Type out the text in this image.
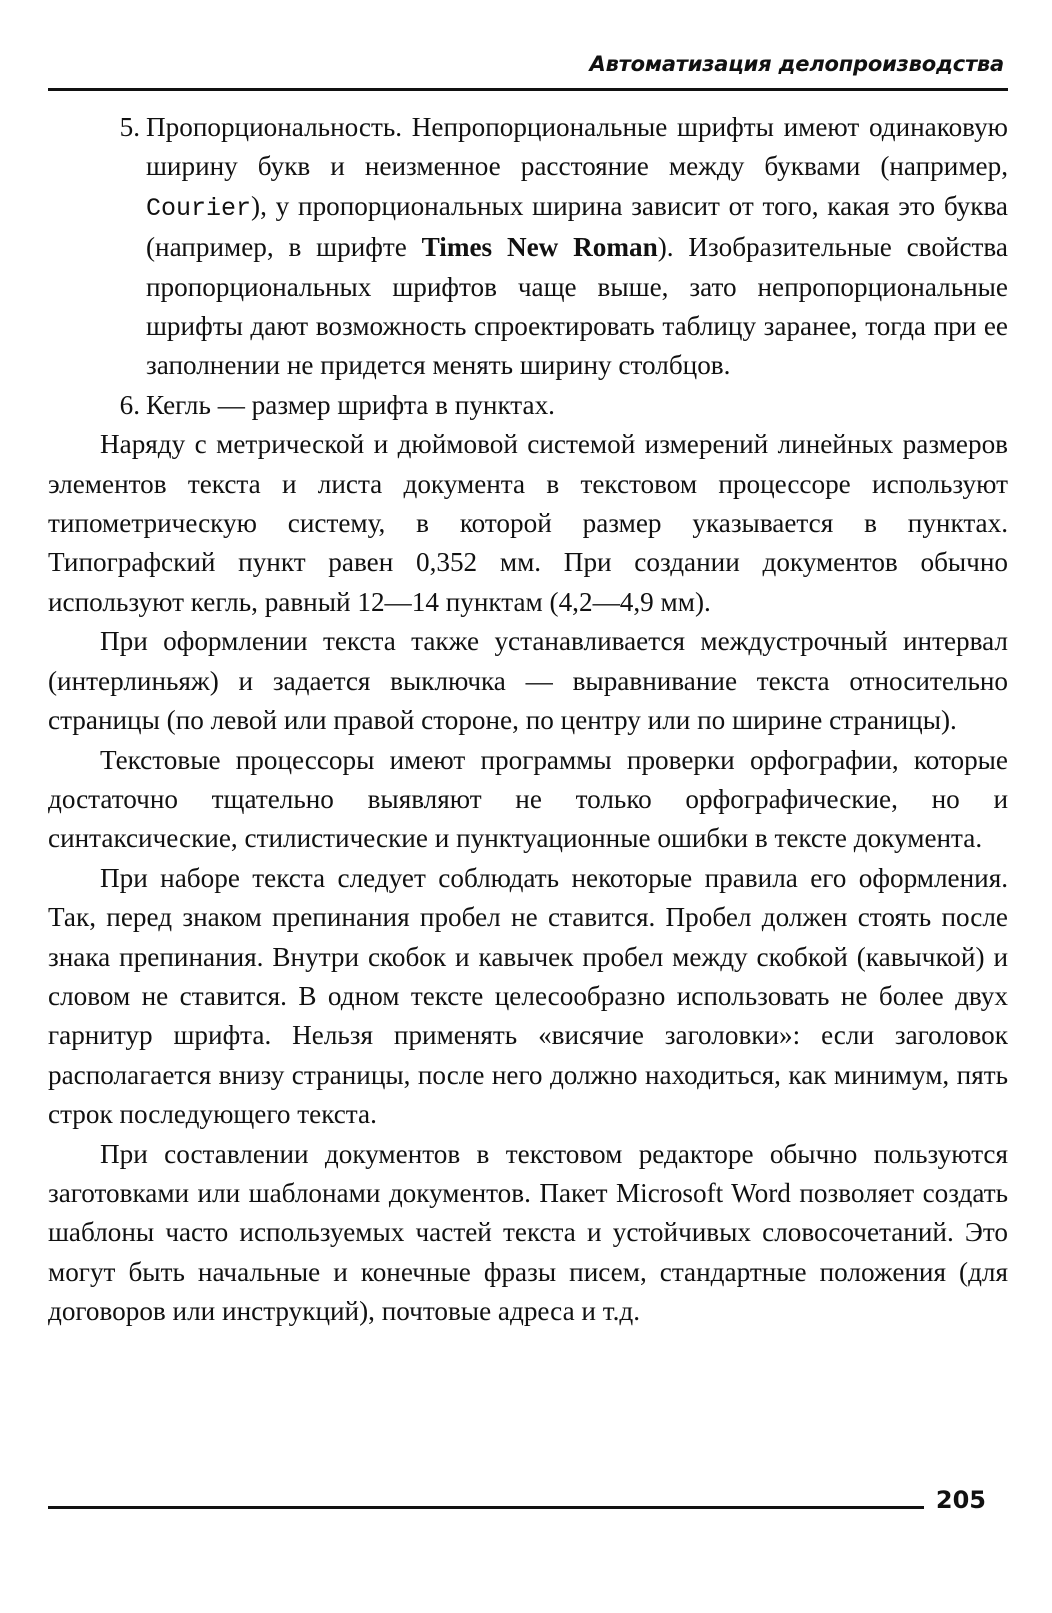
Автоматизация делопроизводства
5. Пропорциональность. Непропорциональные шрифты имеют одинаковую ширину букв и неизменное расстояние между буквами (например, Courier), у пропорциональных ширина зависит от того, какая это буква (например, в шрифте Times New Roman). Изобразительные свойства пропорциональных шрифтов чаще выше, зато непропорциональные шрифты дают возможность спроектировать таблицу заранее, тогда при ее заполнении не придется менять ширину столбцов.
6. Кегль — размер шрифта в пунктах.

Наряду с метрической и дюймовой системой измерений линейных размеров элементов текста и листа документа в текстовом процессоре используют типометрическую систему, в которой размер указывается в пунктах. Типографский пункт равен 0,352 мм. При создании документов обычно используют кегль, равный 12—14 пунктам (4,2—4,9 мм).

При оформлении текста также устанавливается междустрочный интервал (интерлиньяж) и задается выключка — выравнивание текста относительно страницы (по левой или правой стороне, по центру или по ширине страницы).

Текстовые процессоры имеют программы проверки орфографии, которые достаточно тщательно выявляют не только орфографические, но и синтаксические, стилистические и пунктуационные ошибки в тексте документа.

При наборе текста следует соблюдать некоторые правила его оформления. Так, перед знаком препинания пробел не ставится. Пробел должен стоять после знака препинания. Внутри скобок и кавычек пробел между скобкой (кавычкой) и словом не ставится. В одном тексте целесообразно использовать не более двух гарнитур шрифта. Нельзя применять «висячие заголовки»: если заголовок располагается внизу страницы, после него должно находиться, как минимум, пять строк последующего текста.

При составлении документов в текстовом редакторе обычно пользуются заготовками или шаблонами документов. Пакет Microsoft Word позволяет создать шаблоны часто используемых частей текста и устойчивых словосочетаний. Это могут быть начальные и конечные фразы писем, стандартные положения (для договоров или инструкций), почтовые адреса и т.д.

205
